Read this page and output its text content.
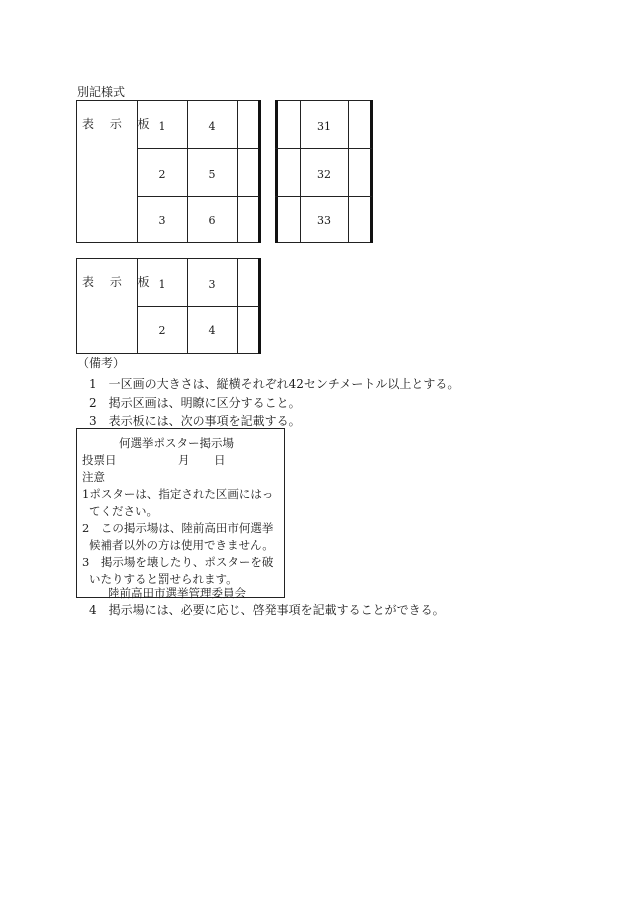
別記様式
表 示 板 1
2
3
4
5
6
31
32
33
表 示 板 1
2
3
4
（備考）
1　一区画の大きさは、縦横それぞれ42センチメートル以上とする。
2　掲示区画は、明瞭に区分すること。
3　表示板には、次の事項を記載する。
何選挙ポスター掲示場
投票日	月 日
注意
1ポスターは、指定された区画にはっ
てください。
2　この掲示場は、陸前高田市何選挙
候補者以外の方は使用できません。
3　掲示場を壊したり、ポスターを破
いたりすると罰せられます。
陸前高田市選挙管理委員会
4　掲示場には、必要に応じ、啓発事項を記載することができる。
